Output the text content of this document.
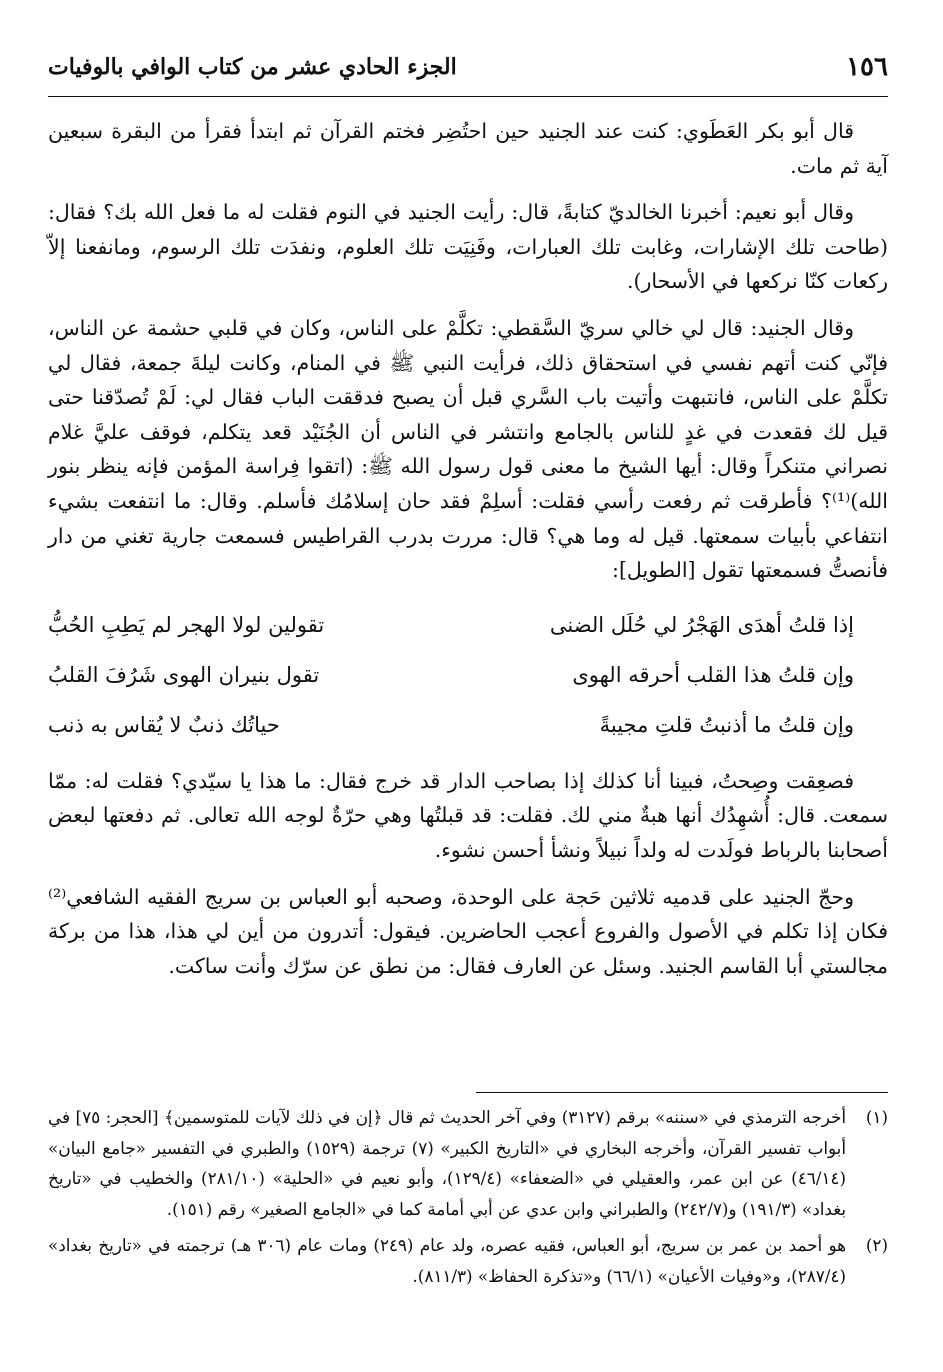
١٥٦
الجزء الحادي عشر من كتاب الوافي بالوفيات

قال أبو بكر العَطَوي: كنت عند الجنيد حين احتُضِر فختم القرآن ثم ابتدأ فقرأ من البقرة سبعين آية ثم مات.

وقال أبو نعيم: أخبرنا الخالديّ كتابةً، قال: رأيت الجنيد في النوم فقلت له ما فعل الله بك؟ فقال: (طاحت تلك الإشارات، وغابت تلك العبارات، وفَنِيَت تلك العلوم، ونفدَت تلك الرسوم، ومانفعنا إلاّ ركعات كنّا نركعها في الأسحار).

وقال الجنيد: قال لي خالي سريّ السَّقطي: تكلَّمْ على الناس، وكان في قلبي حشمة عن الناس، فإنّي كنت أتهم نفسي في استحقاق ذلك، فرأيت النبي ﷺ في المنام، وكانت ليلةَ جمعة، فقال لي تكلَّمْ على الناس، فانتبهت وأتيت باب السَّري قبل أن يصبح فدققت الباب فقال لي: لَمْ تُصدّقنا حتى قيل لك فقعدت في غدٍ للناس بالجامع وانتشر في الناس أن الجُنَيْد قعد يتكلم، فوقف عليَّ غلام نصراني متنكراً وقال: أيها الشيخ ما معنى قول رسول الله ﷺ: (اتقوا فِراسة المؤمن فإنه ينظر بنور الله)⁽¹⁾؟ فأطرقت ثم رفعت رأسي فقلت: أسلِمْ فقد حان إسلامُك فأسلم. وقال: ما انتفعت بشيء انتفاعي بأبيات سمعتها. قيل له وما هي؟ قال: مررت بدرب القراطيس فسمعت جارية تغني من دار فأنصتُّ فسمعتها تقول [الطويل]:

إذا قلتُ أهدَى الهَجْرُ لي حُلَل الضنى
تقولين لولا الهجر لم يَطِبِ الحُبُّ
وإن قلتُ هذا القلب أحرقه الهوى
تقول بنيران الهوى شَرُفَ القلبُ
وإن قلتُ ما أذنبتُ قلتِ مجيبةً
حياتُك ذنبٌ لا يُقاس به ذنب

فصعِقت وصِحتُ، فبينا أنا كذلك إذا بصاحب الدار قد خرج فقال: ما هذا يا سيّدي؟ فقلت له: ممّا سمعت. قال: أُشهِدُك أنها هبةٌ مني لك. فقلت: قد قبلتُها وهي حرّةٌ لوجه الله تعالى. ثم دفعتها لبعض أصحابنا بالرباط فولَدت له ولداً نبيلاً ونشأ أحسن نشوء.

وحجّ الجنيد على قدميه ثلاثين حَجة على الوحدة، وصحبه أبو العباس بن سريج الفقيه الشافعي⁽²⁾ فكان إذا تكلم في الأصول والفروع أعجب الحاضرين. فيقول: أتدرون من أين لي هذا، هذا من بركة مجالستي أبا القاسم الجنيد. وسئل عن العارف فقال: من نطق عن سرّك وأنت ساكت.

(١)
أخرجه الترمذي في «سننه» برقم (٣١٢٧) وفي آخر الحديث ثم قال ﴿إن في ذلك لآيات للمتوسمين﴾ [الحجر: ٧٥] في أبواب تفسير القرآن، وأخرجه البخاري في «التاريخ الكبير» (٧) ترجمة (١٥٢٩) والطبري في التفسير «جامع البيان» (٤٦/١٤) عن ابن عمر، والعقيلي في «الضعفاء» (١٢٩/٤)، وأبو نعيم في «الحلية» (٢٨١/١٠) والخطيب في «تاريخ بغداد» (١٩١/٣) و(٢٤٢/٧) والطبراني وابن عدي عن أبي أمامة كما في «الجامع الصغير» رقم (١٥١).
(٢)
هو أحمد بن عمر بن سريج، أبو العباس، فقيه عصره، ولد عام (٢٤٩) ومات عام (٣٠٦ هـ) ترجمته في «تاريخ بغداد» (٢٨٧/٤)، و«وفيات الأعيان» (٦٦/١) و«تذكرة الحفاظ» (٨١١/٣).
